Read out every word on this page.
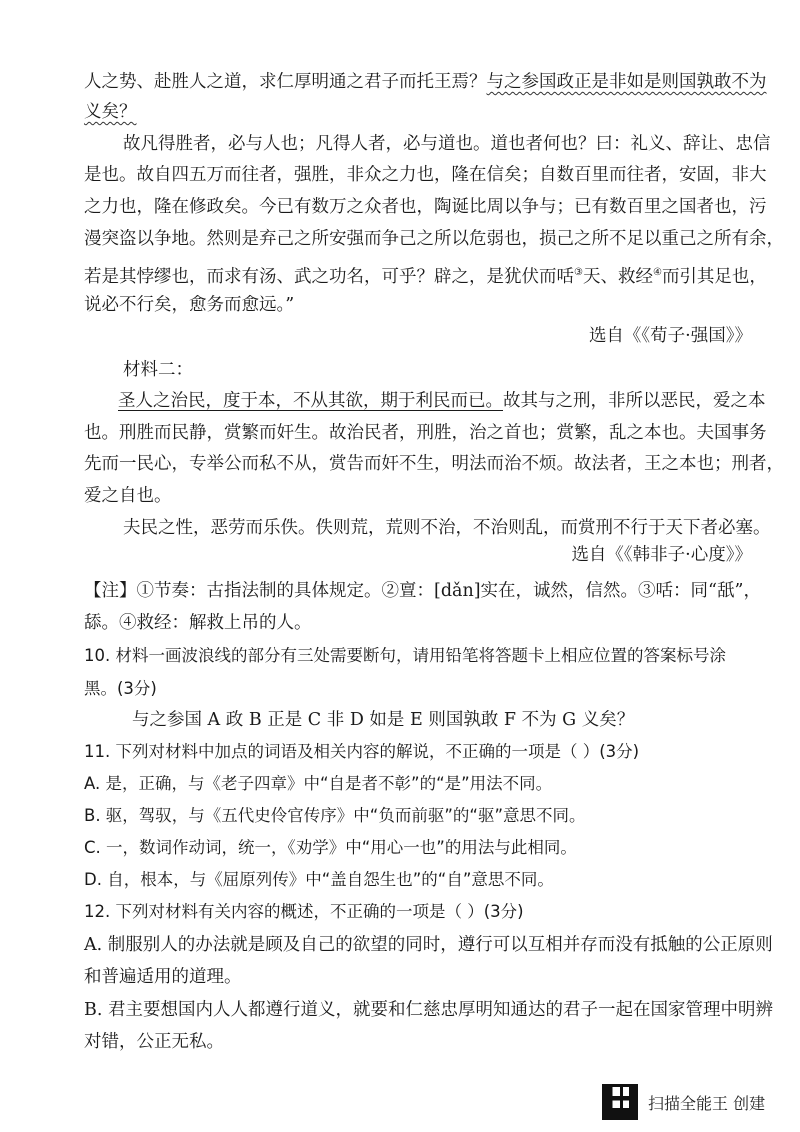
人之势、赴胜人之道，求仁厚明通之君子而托王焉？与之参国政正是非如是则国孰敢不为
义矣？
故凡得胜者，必与人也；凡得人者，必与道也。道也者何也？曰：礼义、辞让、忠信
是也。故自四五万而往者，强胜，非众之力也，隆在信矣；自数百里而往者，安固，非大
之力也，隆在修政矣。今已有数万之众者也，陶诞比周以争与；已有数百里之国者也，污
漫突盗以争地。然则是弃己之所安强而争己之所以危弱也，损己之所不足以重己之所有余，
若是其悖缪也，而求有汤、武之功名，可乎？辟之，是犹伏而咶③天、救经④而引其足也，
说必不行矣，愈务而愈远。”
选自《《荀子·强国》》
材料二：
圣人之治民，度于本，不从其欲，期于利民而已。故其与之刑，非所以恶民，爱之本
也。刑胜而民静，赏繁而奸生。故治民者，刑胜，治之首也；赏繁，乱之本也。夫国事务
先而一民心，专举公而私不从，赏告而奸不生，明法而治不烦。故法者，王之本也；刑者，
爱之自也。
夫民之性，恶劳而乐佚。佚则荒，荒则不治，不治则乱，而赏刑不行于天下者必塞。
选自《《韩非子·心度》》
【注】①节奏：古指法制的具体规定。②亶：[dǎn]实在，诚然，信然。③咶：同“舐”，
舔。④救经：解救上吊的人。
10. 材料一画波浪线的部分有三处需要断句，请用铅笔将答题卡上相应位置的答案标号涂
黑。(3分)
与之参国 A 政 B 正是 C 非 D 如是 E 则国孰敢 F 不为 G 义矣？
11. 下列对材料中加点的词语及相关内容的解说，不正确的一项是（ ）(3分)
A. 是，正确，与《老子四章》中“自是者不彰”的“是”用法不同。
B. 驱，驾驭，与《五代史伶官传序》中“负而前驱”的“驱”意思不同。
C. 一，数词作动词，统一，《劝学》中“用心一也”的用法与此相同。
D. 自，根本，与《屈原列传》中“盖自怨生也”的“自”意思不同。
12. 下列对材料有关内容的概述，不正确的一项是（ ）(3分)
A. 制服别人的办法就是顾及自己的欲望的同时，遵行可以互相并存而没有抵触的公正原则
和普遍适用的道理。
B. 君主要想国内人人都遵行道义，就要和仁慈忠厚明知通达的君子一起在国家管理中明辨
对错，公正无私。
扫描全能王 创建
